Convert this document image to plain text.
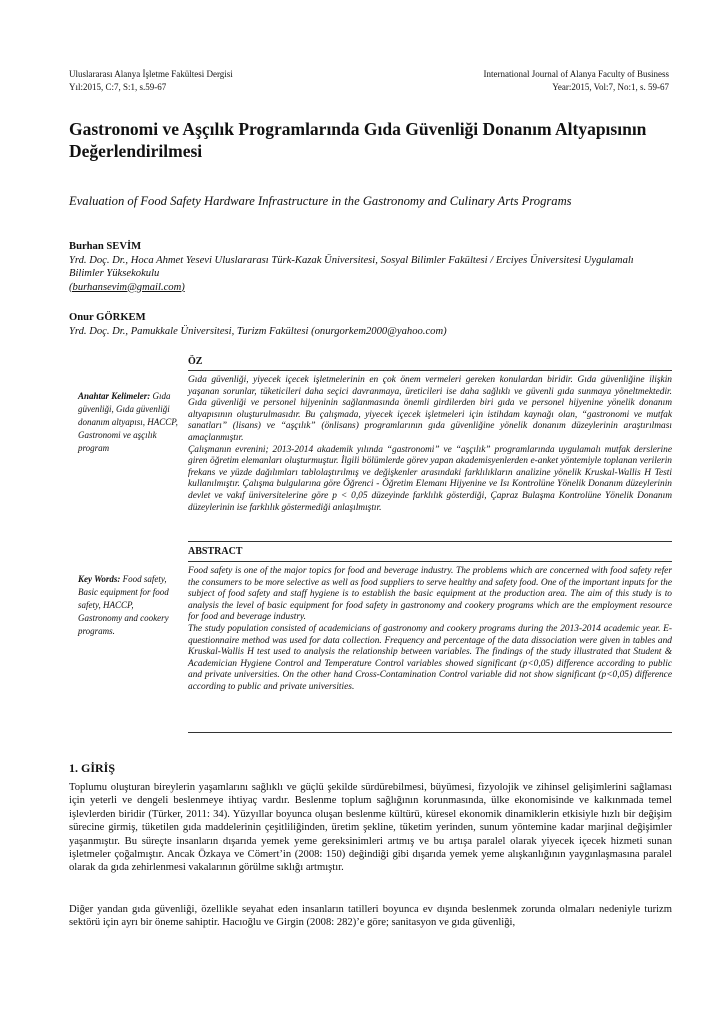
Uluslararası Alanya İşletme Fakültesi Dergisi
Yıl:2015, C:7, S:1, s.59-67
International Journal of Alanya Faculty of Business
Year:2015, Vol:7, No:1, s. 59-67
Gastronomi ve Aşçılık Programlarında Gıda Güvenliği Donanım Altyapısının Değerlendirilmesi
Evaluation of Food Safety Hardware Infrastructure in the Gastronomy and Culinary Arts Programs
Burhan SEVİM
Yrd. Doç. Dr., Hoca Ahmet Yesevi Uluslararası Türk-Kazak Üniversitesi, Sosyal Bilimler Fakültesi / Erciyes Üniversitesi Uygulamalı Bilimler Yüksekokulu
(burhansevim@gmail.com)
Onur GÖRKEM
Yrd. Doç. Dr., Pamukkale Üniversitesi, Turizm Fakültesi (onurgorkem2000@yahoo.com)
ÖZ
Anahtar Kelimeler: Gıda güvenliği, Gıda güvenliği donanım altyapısı, HACCP, Gastronomi ve aşçılık program

Gıda güvenliği, yiyecek içecek işletmelerinin en çok önem vermeleri gereken konulardan biridir. Gıda güvenliğine ilişkin yaşanan sorunlar, tüketicileri daha seçici davranmaya, üreticileri ise daha sağlıklı ve güvenli gıda sunmaya yöneltmektedir. Gıda güvenliği ve personel hijyeninin sağlanmasında önemli girdilerden biri gıda ve personel hijyenine yönelik donanım altyapısının oluşturulmasıdır. Bu çalışmada, yiyecek içecek işletmeleri için istihdam kaynağı olan, “gastronomi ve mutfak sanatları” (lisans) ve “aşçılık” (önlisans) programlarının gıda güvenliğine yönelik donanım düzeylerinin araştırılması amaçlanmıştır.

Çalışmanın evrenini; 2013-2014 akademik yılında “gastronomi” ve “aşçılık” programlarında uygulamalı mutfak derslerine giren öğretim elemanları oluşturmuştur. İlgili bölümlerde görev yapan akademisyenlerden e-anket yöntemiyle toplanan verilerin frekans ve yüzde dağılımları tablolaştırılmış ve değişkenler arasındaki farklılıkların analizine yönelik Kruskal-Wallis H Testi kullanılmıştır. Çalışma bulgularına göre Öğrenci - Öğretim Elemanı Hijyenine ve Isı Kontrolüne Yönelik Donanım düzeylerinin devlet ve vakıf üniversitelerine göre p < 0,05 düzeyinde farklılık gösterdiği, Çapraz Bulaşma Kontrolüne Yönelik Donanım düzeylerinin ise farklılık göstermediği anlaşılmıştır.

ABSTRACT
Key Words: Food safety, Basic equipment for food safety, HACCP, Gastronomy and cookery programs.

Food safety is one of the major topics for food and beverage industry. The problems which are concerned with food safety refer the consumers to be more selective as well as food suppliers to serve healthy and safety food. One of the important inputs for the subject of food safety and staff hygiene is to establish the basic equipment at the production area. The aim of this study is to analysis the level of basic equipment for food safety in gastronomy and cookery programs which are the employment resource for food and beverage industry.

The study population consisted of academicians of gastronomy and cookery programs during the 2013-2014 academic year. E-questionnaire method was used for data collection. Frequency and percentage of the data dissociation were given in tables and Kruskal-Wallis H test used to analysis the relationship between variables. The findings of the study illustrated that Student & Academician Hygiene Control and Temperature Control variables showed significant (p<0,05) difference according to public and private universities. On the other hand Cross-Contamination Control variable did not show significant (p<0,05) difference according to public and private universities.

1. GİRİŞ

Toplumu oluşturan bireylerin yaşamlarını sağlıklı ve güçlü şekilde sürdürebilmesi, büyümesi, fizyolojik ve zihinsel gelişimlerini sağlaması için yeterli ve dengeli beslenmeye ihtiyaç vardır. Beslenme toplum sağlığının korunmasında, ülke ekonomisinde ve kalkınmada temel işlevlerden biridir (Türker, 2011: 34). Yüzyıllar boyunca oluşan beslenme kültürü, küresel ekonomik dinamiklerin etkisiyle hızlı bir değişim sürecine girmiş, tüketilen gıda maddelerinin çeşitliliğinden, üretim şekline, tüketim yerinden, sunum yöntemine kadar marjinal değişimler yaşanmıştır. Bu süreçte insanların dışarıda yemek yeme gereksinimleri artmış ve bu artışa paralel olarak yiyecek içecek hizmeti sunan işletmeler çoğalmıştır. Ancak Özkaya ve Cömert’in (2008: 150) değindiği gibi dışarıda yemek yeme alışkanlığının yaygınlaşmasına paralel olarak da gıda zehirlenmesi vakalarının görülme sıklığı artmıştır.

Diğer yandan gıda güvenliği, özellikle seyahat eden insanların tatilleri boyunca ev dışında beslenmek zorunda olmaları nedeniyle turizm sektörü için ayrı bir öneme sahiptir. Hacıoğlu ve Girgin (2008: 282)’e göre; sanitasyon ve gıda güvenliği,
